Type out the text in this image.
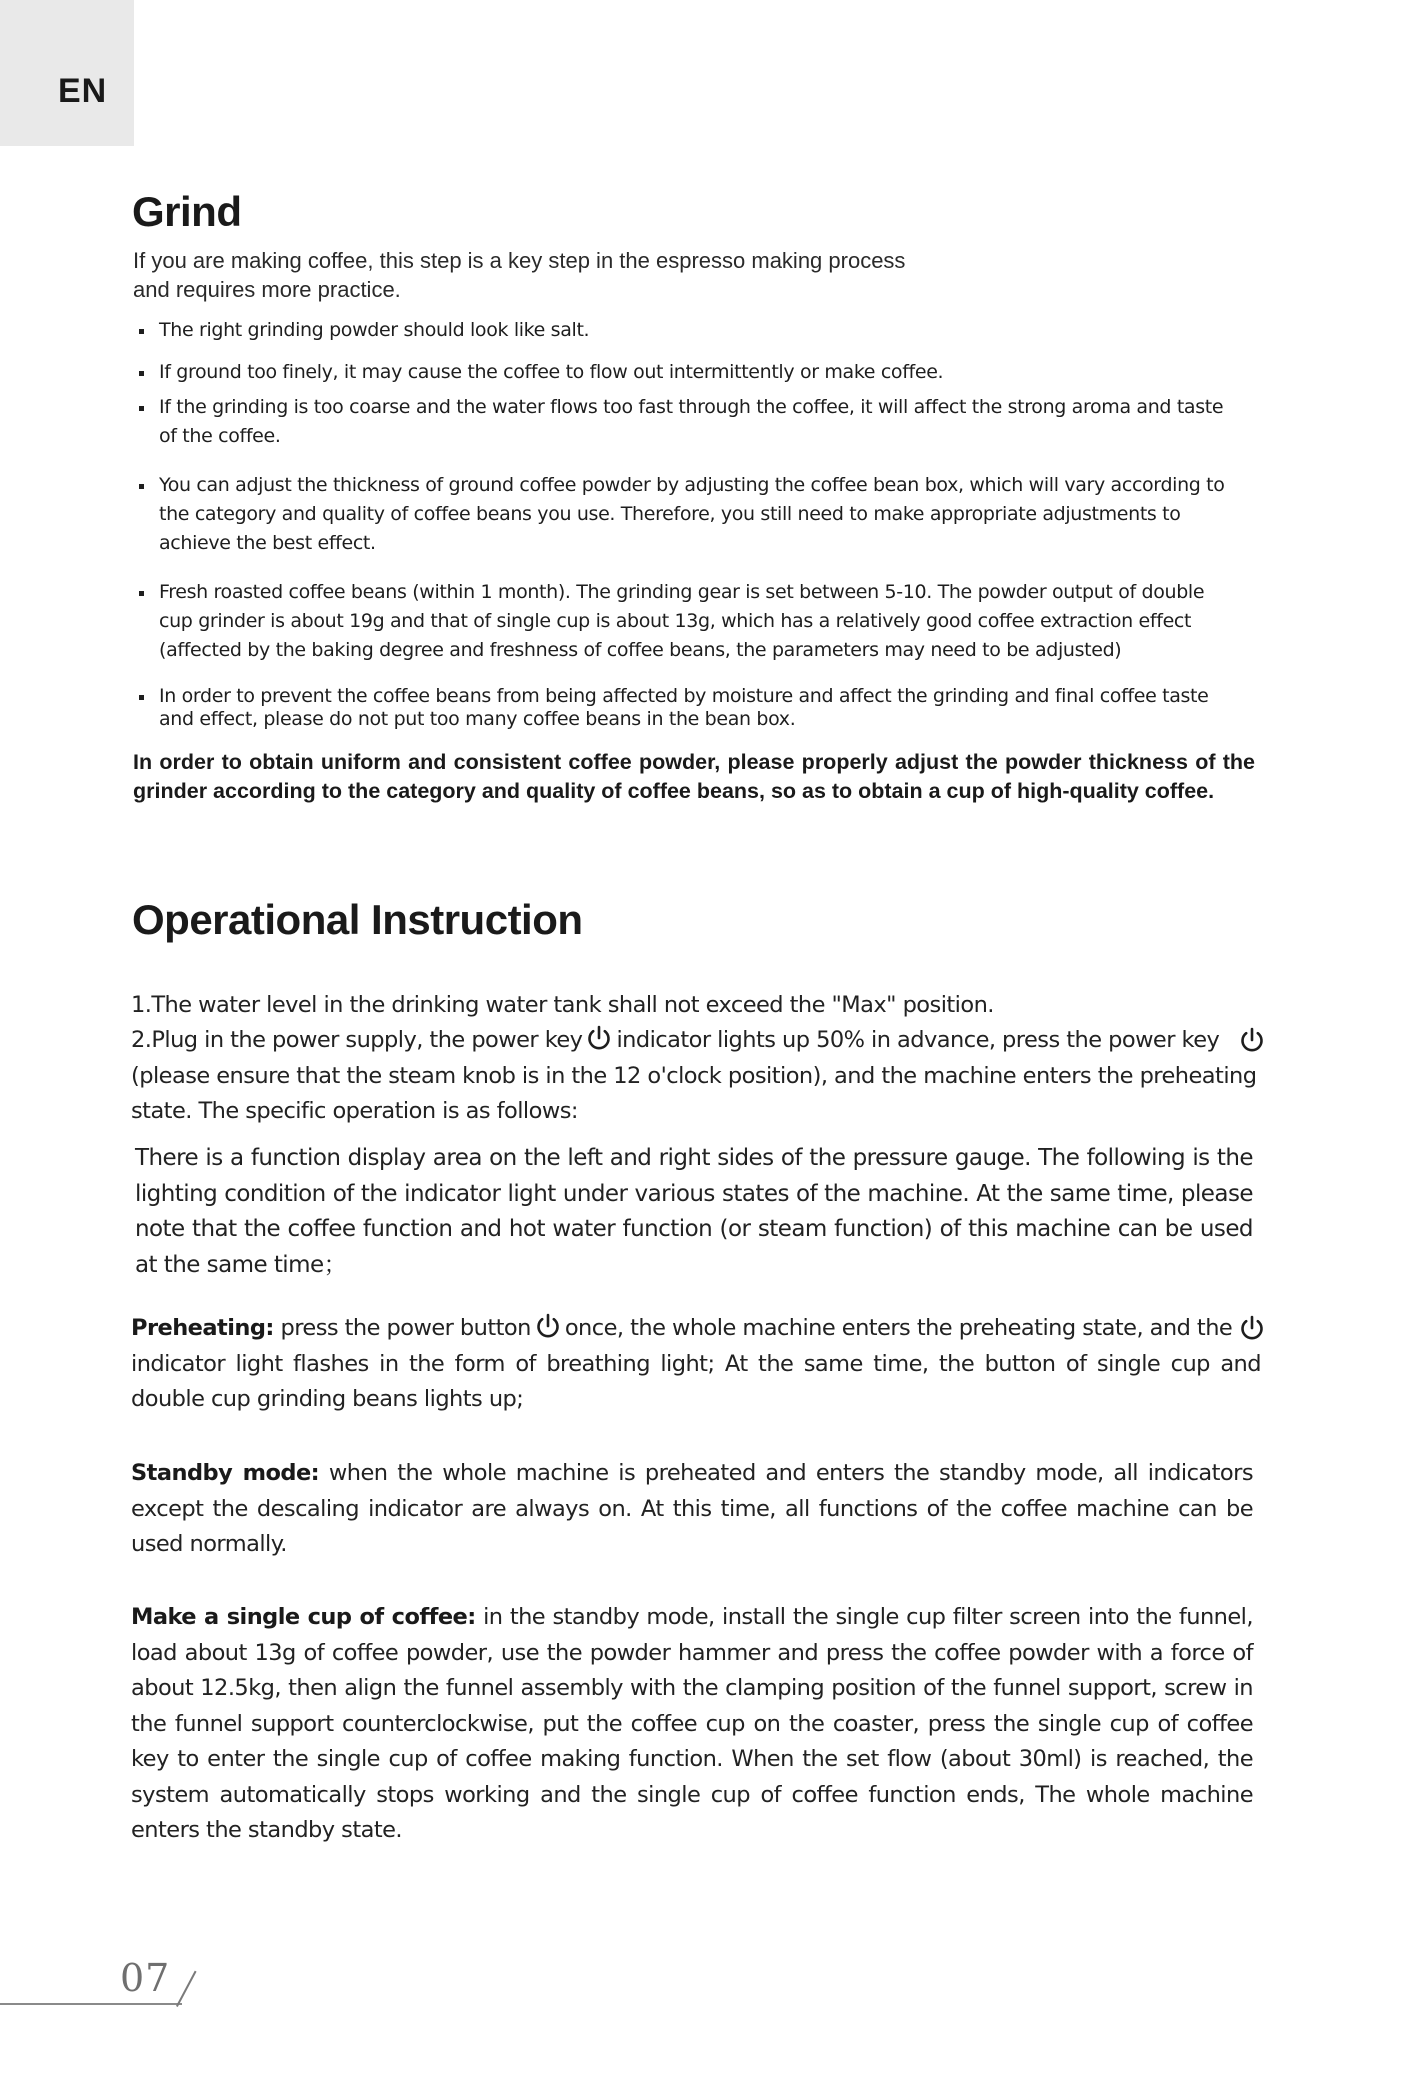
EN
Grind

If you are making coffee, this step is a key step in the espresso making process
and requires more practice.

The right grinding powder should look like salt.
If ground too finely, it may cause the coffee to flow out intermittently or make coffee.
If the grinding is too coarse and the water flows too fast through the coffee, it will affect the strong aroma and taste of the coffee.
You can adjust the thickness of ground coffee powder by adjusting the coffee bean box, which will vary according to the category and quality of coffee beans you use. Therefore, you still need to make appropriate adjustments to achieve the best effect.
Fresh roasted coffee beans (within 1 month). The grinding gear is set between 5-10. The powder output of double cup grinder is about 19g and that of single cup is about 13g, which has a relatively good coffee extraction effect (affected by the baking degree and freshness of coffee beans, the parameters may need to be adjusted)
In order to prevent the coffee beans from being affected by moisture and affect the grinding and final coffee taste and effect, please do not put too many coffee beans in the bean box.

In order to obtain uniform and consistent coffee powder, please properly adjust the powder thickness of the grinder according to the category and quality of coffee beans, so as to obtain a cup of high-quality coffee.

Operational Instruction

1.The water level in the drinking water tank shall not exceed the "Max" position.

2.Plug in the power supply, the power key indicator lights up 50% in advance, press the power key

(please ensure that the steam knob is in the 12 o'clock position), and the machine enters the preheating state. The specific operation is as follows:

There is a function display area on the left and right sides of the pressure gauge. The following is the lighting condition of the indicator light under various states of the machine. At the same time, please note that the coffee function and hot water function (or steam function) of this machine can be used at the same time；

Preheating: press the power button once, the whole machine enters the preheating state, and the

indicator light flashes in the form of breathing light; At the same time, the button of single cup and double cup grinding beans lights up;

Standby mode: when the whole machine is preheated and enters the standby mode, all indicators except the descaling indicator are always on. At this time, all functions of the coffee machine can be used normally.

Make a single cup of coffee: in the standby mode, install the single cup filter screen into the funnel, load about 13g of coffee powder, use the powder hammer and press the coffee powder with a force of about 12.5kg, then align the funnel assembly with the clamping position of the funnel support, screw in the funnel support counterclockwise, put the coffee cup on the coaster, press the single cup of coffee key to enter the single cup of coffee making function. When the set flow (about 30ml) is reached, the system automatically stops working and the single cup of coffee function ends, The whole machine enters the standby state.

07
